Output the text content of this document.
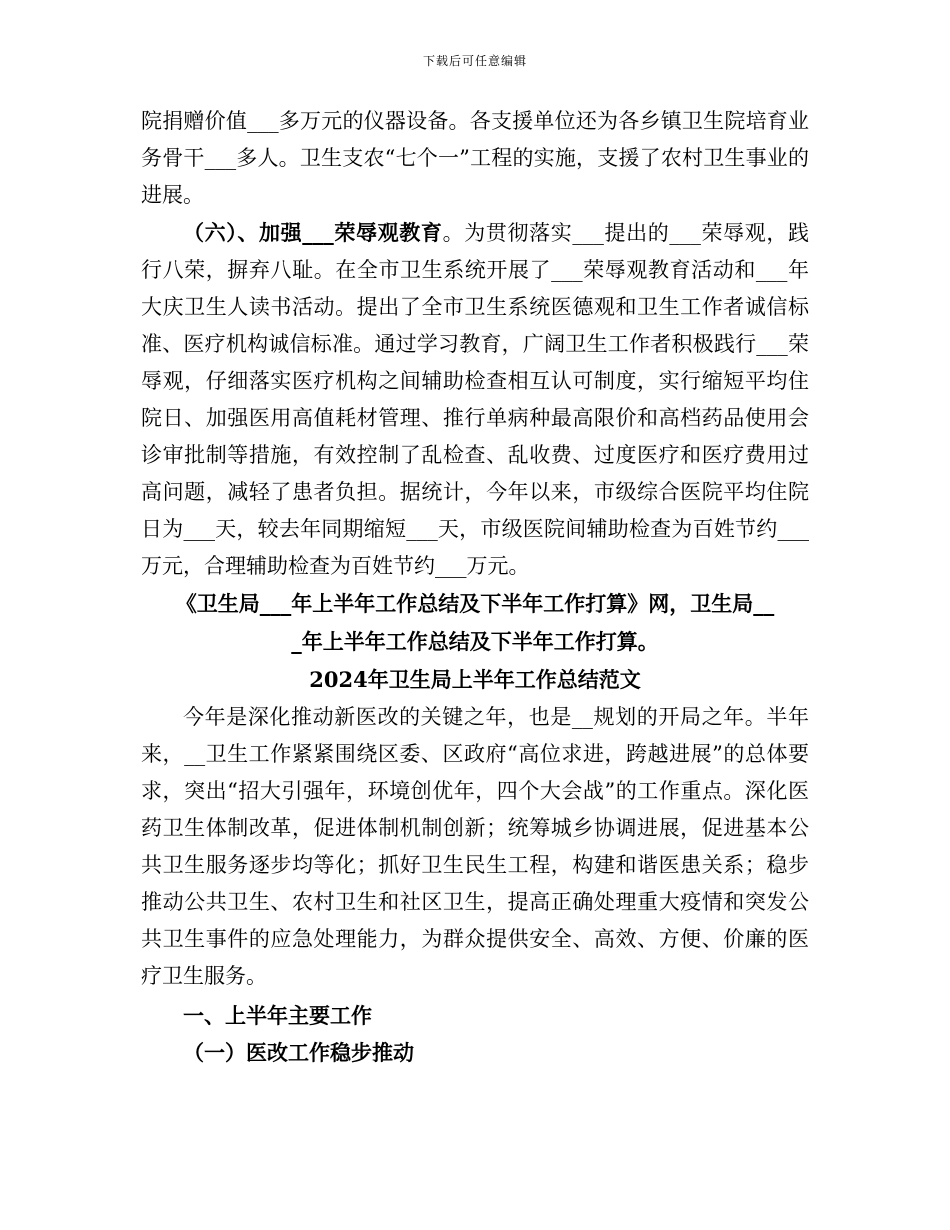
下载后可任意编辑

院捐赠价值___多万元的仪器设备。各支援单位还为各乡镇卫生院培育业务骨干___多人。卫生支农“七个一”工程的实施，支援了农村卫生事业的进展。

（六）、加强___荣辱观教育。为贯彻落实___提出的___荣辱观，践行八荣，摒弃八耻。在全市卫生系统开展了___荣辱观教育活动和___年大庆卫生人读书活动。提出了全市卫生系统医德观和卫生工作者诚信标准、医疗机构诚信标准。通过学习教育，广阔卫生工作者积极践行___荣辱观，仔细落实医疗机构之间辅助检查相互认可制度，实行缩短平均住院日、加强医用高值耗材管理、推行单病种最高限价和高档药品使用会诊审批制等措施，有效控制了乱检查、乱收费、过度医疗和医疗费用过高问题，减轻了患者负担。据统计，今年以来，市级综合医院平均住院日为___天，较去年同期缩短___天，市级医院间辅助检查为百姓节约___万元，合理辅助检查为百姓节约___万元。

《卫生局___年上半年工作总结及下半年工作打算》网，卫生局__

_年上半年工作总结及下半年工作打算。

2024年卫生局上半年工作总结范文

今年是深化推动新医改的关键之年，也是__规划的开局之年。半年来，__卫生工作紧紧围绕区委、区政府“高位求进，跨越进展”的总体要求，突出“招大引强年，环境创优年，四个大会战”的工作重点。深化医药卫生体制改革，促进体制机制创新；统筹城乡协调进展，促进基本公共卫生服务逐步均等化；抓好卫生民生工程，构建和谐医患关系；稳步推动公共卫生、农村卫生和社区卫生，提高正确处理重大疫情和突发公共卫生事件的应急处理能力，为群众提供安全、高效、方便、价廉的医疗卫生服务。

一、上半年主要工作

（一）医改工作稳步推动
